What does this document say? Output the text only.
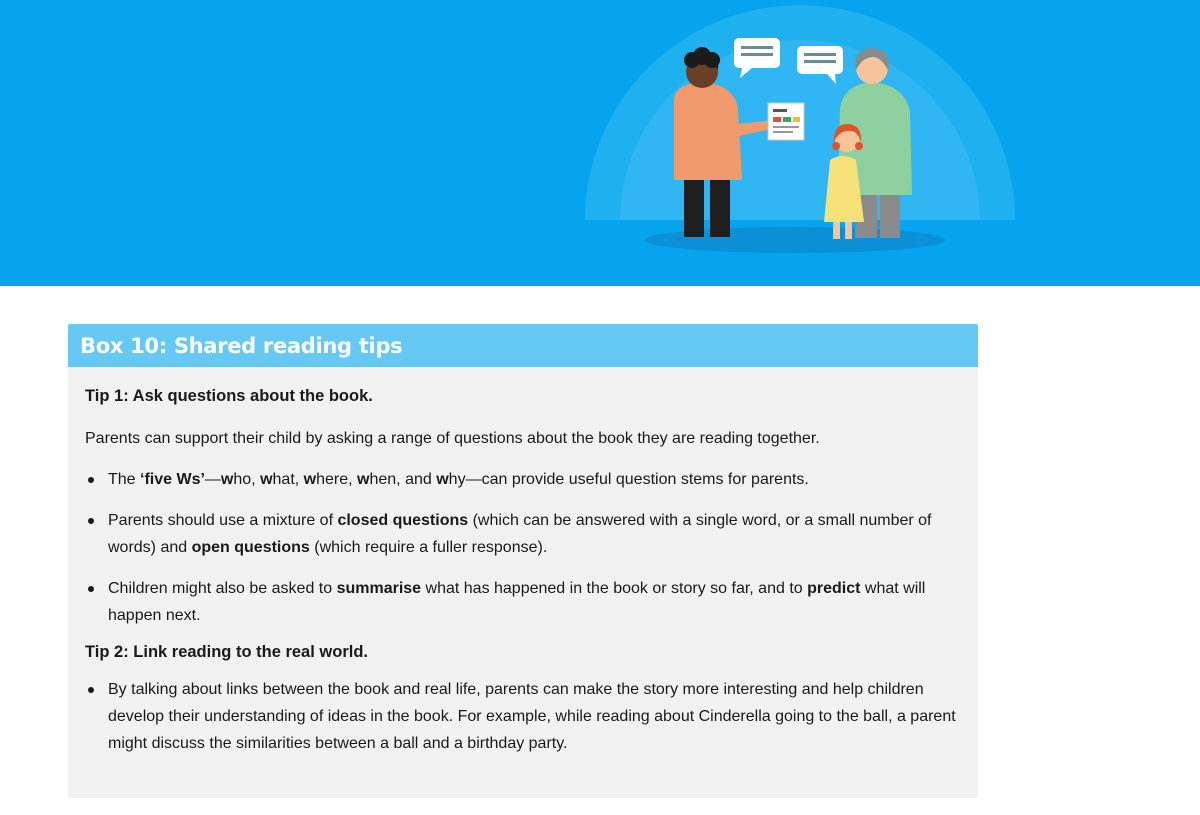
Box 10: Shared reading tips
Tip 1: Ask questions about the book.
Parents can support their child by asking a range of questions about the book they are reading together.
The ‘five Ws’—who, what, where, when, and why—can provide useful question stems for parents.
Parents should use a mixture of closed questions (which can be answered with a single word, or a small number of words) and open questions (which require a fuller response).
Children might also be asked to summarise what has happened in the book or story so far, and to predict what will happen next.
Tip 2: Link reading to the real world.
By talking about links between the book and real life, parents can make the story more interesting and help children develop their understanding of ideas in the book. For example, while reading about Cinderella going to the ball, a parent might discuss the similarities between a ball and a birthday party.
